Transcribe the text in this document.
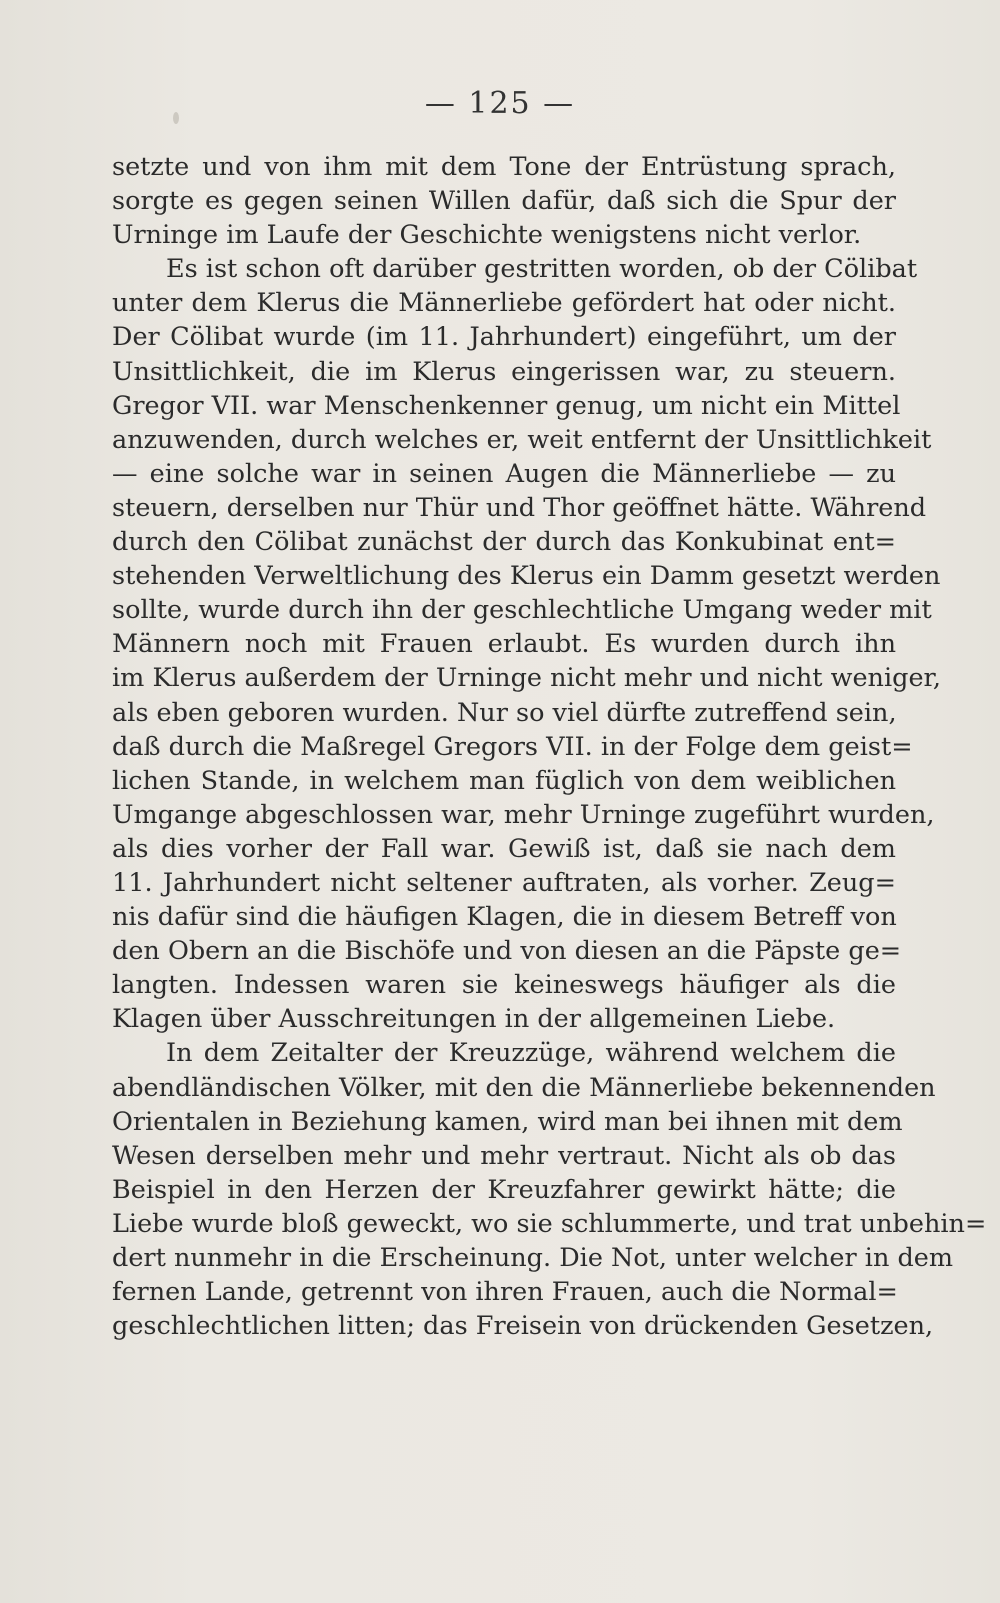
— 125 —
setzte und von ihm mit dem Tone der Entrüstung sprach,
sorgte es gegen seinen Willen dafür, daß sich die Spur der
Urninge im Laufe der Geschichte wenigstens nicht verlor.
Es ist schon oft darüber gestritten worden, ob der Cölibat
unter dem Klerus die Männerliebe gefördert hat oder nicht.
Der Cölibat wurde (im 11. Jahrhundert) eingeführt, um der
Unsittlichkeit, die im Klerus eingerissen war, zu steuern.
Gregor VII. war Menschenkenner genug, um nicht ein Mittel
anzuwenden, durch welches er, weit entfernt der Unsittlichkeit
— eine solche war in seinen Augen die Männerliebe — zu
steuern, derselben nur Thür und Thor geöffnet hätte. Während
durch den Cölibat zunächst der durch das Konkubinat ent=
stehenden Verweltlichung des Klerus ein Damm gesetzt werden
sollte, wurde durch ihn der geschlechtliche Umgang weder mit
Männern noch mit Frauen erlaubt. Es wurden durch ihn
im Klerus außerdem der Urninge nicht mehr und nicht weniger,
als eben geboren wurden. Nur so viel dürfte zutreffend sein,
daß durch die Maßregel Gregors VII. in der Folge dem geist=
lichen Stande, in welchem man füglich von dem weiblichen
Umgange abgeschlossen war, mehr Urninge zugeführt wurden,
als dies vorher der Fall war. Gewiß ist, daß sie nach dem
11. Jahrhundert nicht seltener auftraten, als vorher. Zeug=
nis dafür sind die häufigen Klagen, die in diesem Betreff von
den Obern an die Bischöfe und von diesen an die Päpste ge=
langten. Indessen waren sie keineswegs häufiger als die
Klagen über Ausschreitungen in der allgemeinen Liebe.
In dem Zeitalter der Kreuzzüge, während welchem die
abendländischen Völker, mit den die Männerliebe bekennenden
Orientalen in Beziehung kamen, wird man bei ihnen mit dem
Wesen derselben mehr und mehr vertraut. Nicht als ob das
Beispiel in den Herzen der Kreuzfahrer gewirkt hätte; die
Liebe wurde bloß geweckt, wo sie schlummerte, und trat unbehin=
dert nunmehr in die Erscheinung. Die Not, unter welcher in dem
fernen Lande, getrennt von ihren Frauen, auch die Normal=
geschlechtlichen litten; das Freisein von drückenden Gesetzen,
